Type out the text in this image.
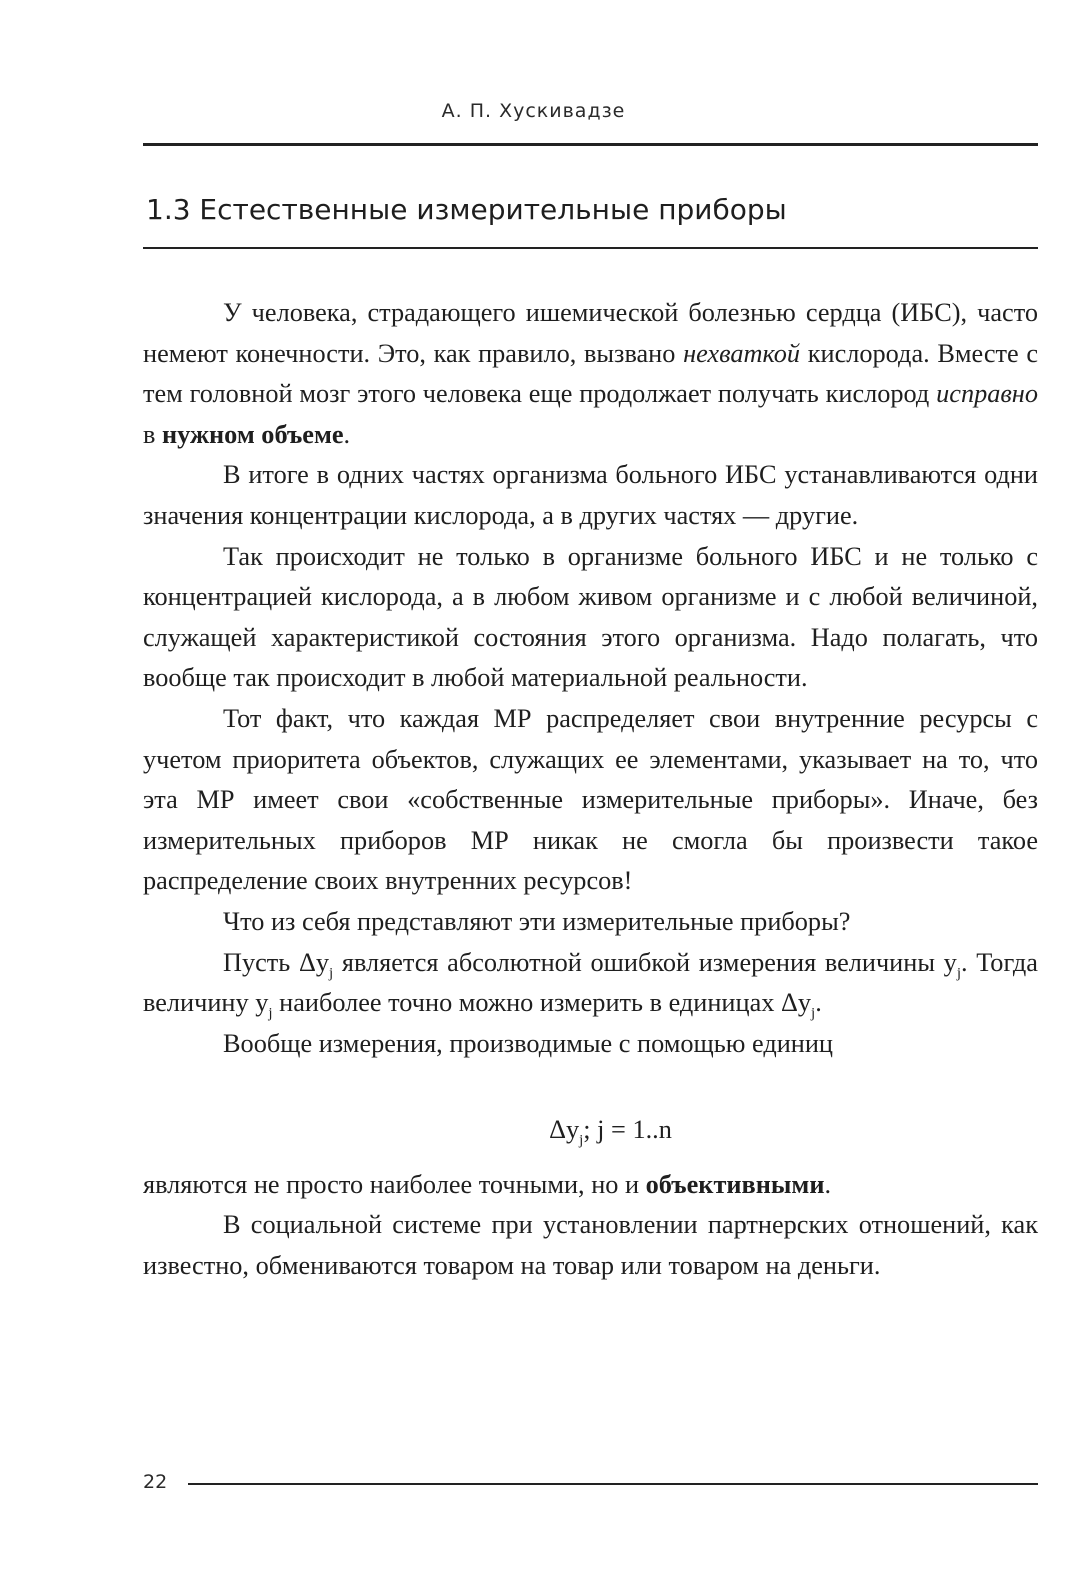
А. П. Хускивадзе
1.3 Естественные измерительные приборы

У человека, страдающего ишемической болезнью сердца (ИБС), часто немеют конечности. Это, как правило, вызвано нехваткой кислорода. Вместе с тем головной мозг этого человека еще продолжает получать кислород исправно в нужном объеме.

В итоге в одних частях организма больного ИБС устанавливаются одни значения концентрации кислорода, а в других частях — другие.

Так происходит не только в организме больного ИБС и не только с концентрацией кислорода, а в любом живом организме и с любой величиной, служащей характеристикой состояния этого организма. Надо полагать, что вообще так происходит в любой материальной реальности.

Тот факт, что каждая МР распределяет свои внутренние ресурсы с учетом приоритета объектов, служащих ее элементами, указывает на то, что эта МР имеет свои «собственные измерительные приборы». Иначе, без измерительных приборов МР никак не смогла бы произвести такое распределение своих внутренних ресурсов!

Что из себя представляют эти измерительные приборы?

Пусть $\Delta y_j$ является абсолютной ошибкой измерения величины $y_j$. Тогда величину $y_j$ наиболее точно можно измерить в единицах $\Delta y_j$.

Вообще измерения, производимые с помощью единиц

$\Delta y_j$; j = 1..n

являются не просто наиболее точными, но и объективными.

В социальной системе при установлении партнерских отношений, как известно, обмениваются товаром на товар или товаром на деньги.

22
